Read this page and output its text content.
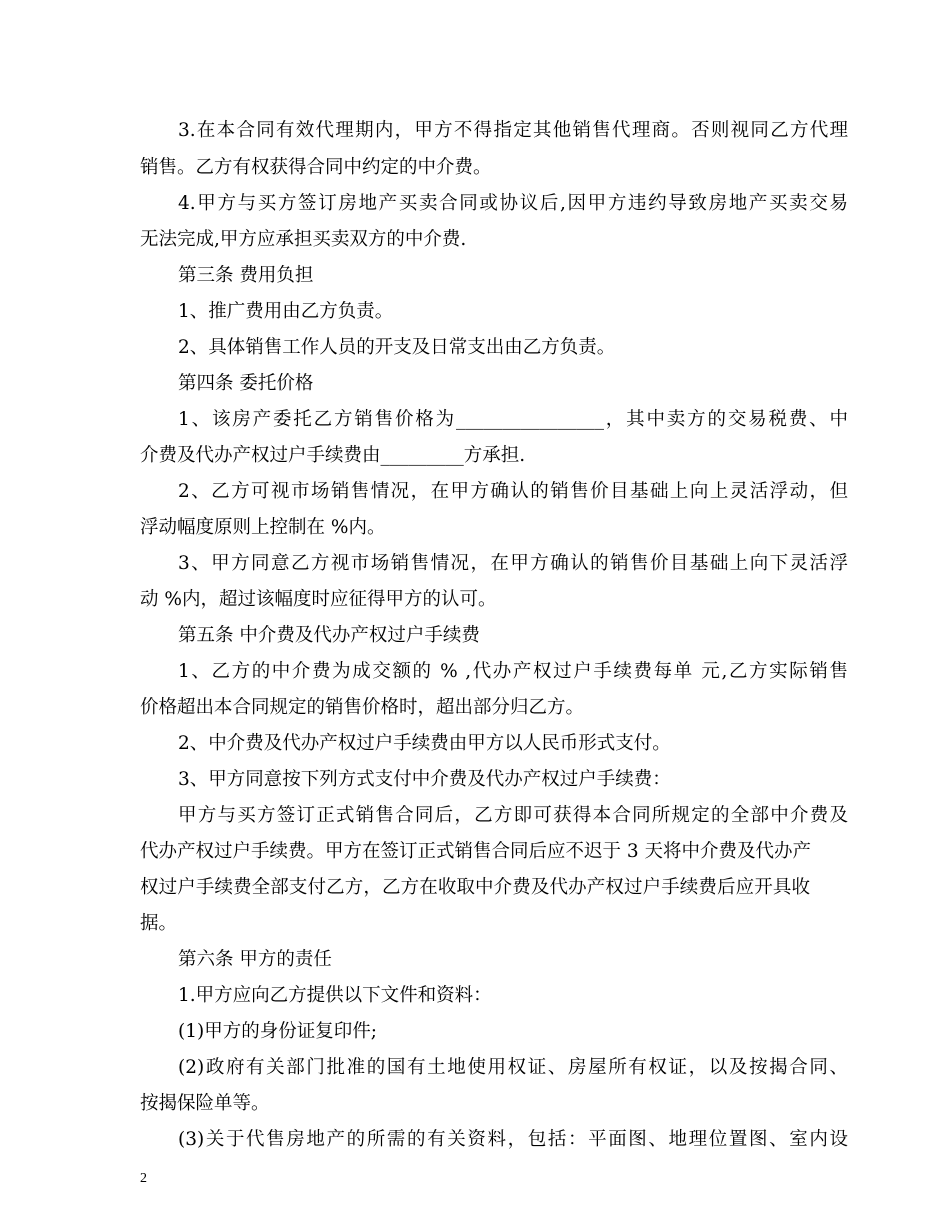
3.在本合同有效代理期内，甲方不得指定其他销售代理商。否则视同乙方代理
销售。乙方有权获得合同中约定的中介费。
4.甲方与买方签订房地产买卖合同或协议后,因甲方违约导致房地产买卖交易
无法完成,甲方应承担买卖双方的中介费.
第三条 费用负担
1、推广费用由乙方负责。
2、具体销售工作人员的开支及日常支出由乙方负责。
第四条 委托价格
1、该房产委托乙方销售价格为________________，其中卖方的交易税费、中
介费及代办产权过户手续费由_________方承担.
2、乙方可视市场销售情况，在甲方确认的销售价目基础上向上灵活浮动，但
浮动幅度原则上控制在 %内。
3、甲方同意乙方视市场销售情况，在甲方确认的销售价目基础上向下灵活浮
动 %内，超过该幅度时应征得甲方的认可。
第五条 中介费及代办产权过户手续费
1、乙方的中介费为成交额的 % ,代办产权过户手续费每单 元,乙方实际销售
价格超出本合同规定的销售价格时，超出部分归乙方。
2、中介费及代办产权过户手续费由甲方以人民币形式支付。
3、甲方同意按下列方式支付中介费及代办产权过户手续费：
甲方与买方签订正式销售合同后，乙方即可获得本合同所规定的全部中介费及
代办产权过户手续费。甲方在签订正式销售合同后应不迟于 3 天将中介费及代办产
权过户手续费全部支付乙方，乙方在收取中介费及代办产权过户手续费后应开具收
据。
第六条 甲方的责任
1.甲方应向乙方提供以下文件和资料：
(1)甲方的身份证复印件;
(2)政府有关部门批准的国有土地使用权证、房屋所有权证，以及按揭合同、
按揭保险单等。
(3)关于代售房地产的所需的有关资料，包括：平面图、地理位置图、室内设
2
